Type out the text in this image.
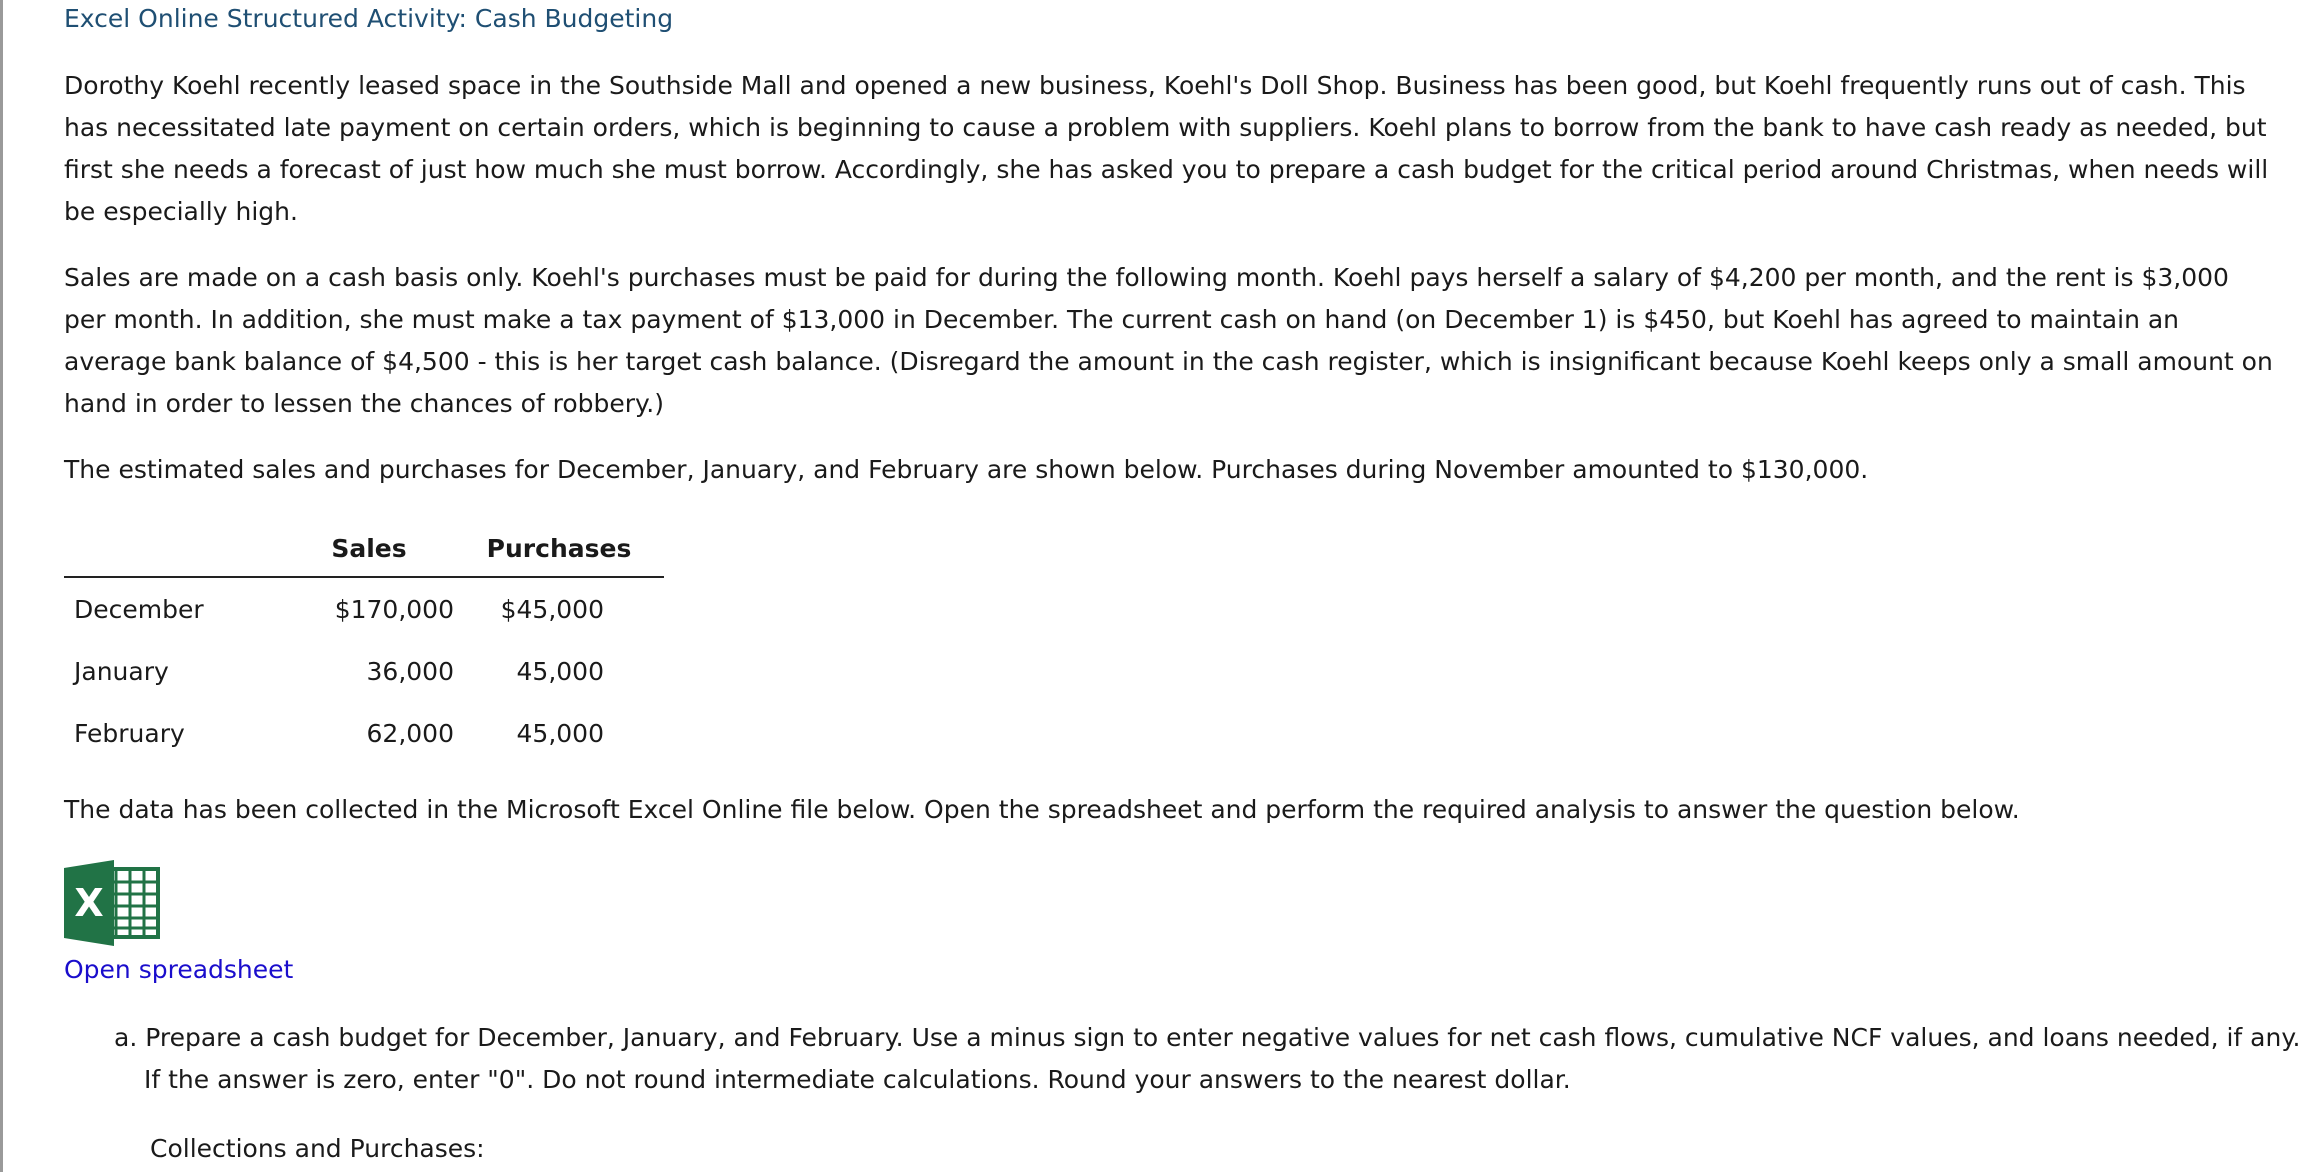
Excel Online Structured Activity: Cash Budgeting

Dorothy Koehl recently leased space in the Southside Mall and opened a new business, Koehl's Doll Shop. Business has been good, but Koehl frequently runs out of cash. This has necessitated late payment on certain orders, which is beginning to cause a problem with suppliers. Koehl plans to borrow from the bank to have cash ready as needed, but first she needs a forecast of just how much she must borrow. Accordingly, she has asked you to prepare a cash budget for the critical period around Christmas, when needs will be especially high.

Sales are made on a cash basis only. Koehl's purchases must be paid for during the following month. Koehl pays herself a salary of $4,200 per month, and the rent is $3,000 per month. In addition, she must make a tax payment of $13,000 in December. The current cash on hand (on December 1) is $450, but Koehl has agreed to maintain an average bank balance of $4,500 - this is her target cash balance. (Disregard the amount in the cash register, which is insignificant because Koehl keeps only a small amount on hand in order to lessen the chances of robbery.)

The estimated sales and purchases for December, January, and February are shown below. Purchases during November amounted to $130,000.

	Sales	Purchases
December	$170,000	$45,000
January	36,000	45,000
February	62,000	45,000

The data has been collected in the Microsoft Excel Online file below. Open the spreadsheet and perform the required analysis to answer the question below.

X
Open spreadsheet

a. Prepare a cash budget for December, January, and February. Use a minus sign to enter negative values for net cash flows, cumulative NCF values, and loans needed, if any. If the answer is zero, enter "0". Do not round intermediate calculations. Round your answers to the nearest dollar.

Collections and Purchases:
